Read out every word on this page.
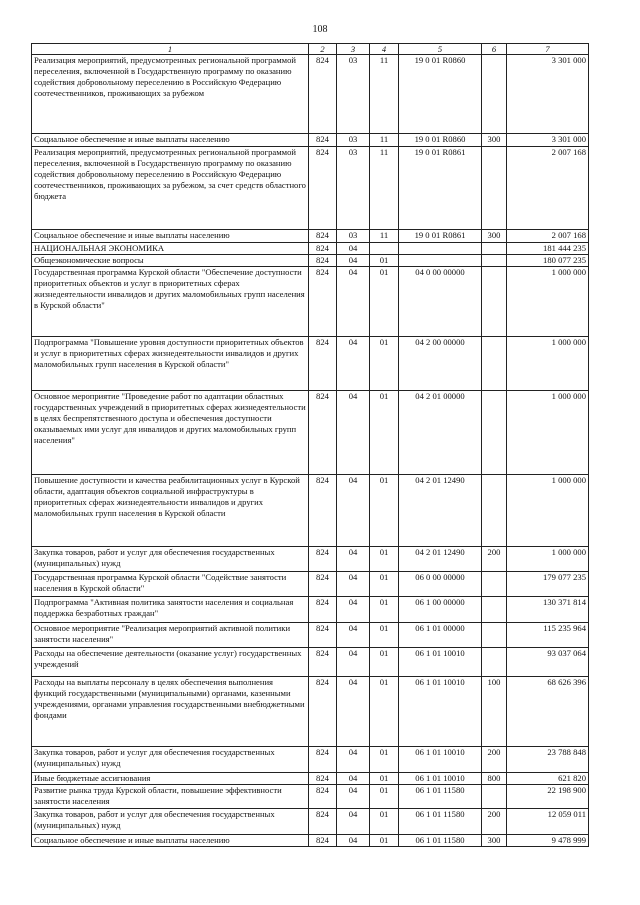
108
1	2	3	4	5	6	7
Реализация мероприятий, предусмотренных региональной программой переселения, включенной в Государственную программу по оказанию содействия добровольному переселению в Российскую Федерацию соотечественников, проживающих за рубежом	824	03	11	19 0 01 R0860		3 301 000
Социальное обеспечение и иные выплаты населению	824	03	11	19 0 01 R0860	300	3 301 000
Реализация мероприятий, предусмотренных региональной программой переселения, включенной в Государственную программу по оказанию содействия добровольному переселению в Российскую Федерацию соотечественников, проживающих за рубежом, за счет средств областного бюджета	824	03	11	19 0 01 R0861		2 007 168
Социальное обеспечение и иные выплаты населению	824	03	11	19 0 01 R0861	300	2 007 168
НАЦИОНАЛЬНАЯ ЭКОНОМИКА	824	04				181 444 235
Общеэкономические вопросы	824	04	01			180 077 235
Государственная программа Курской области "Обеспечение доступности приоритетных объектов и услуг в приоритетных сферах жизнедеятельности инвалидов и других маломобильных групп населения в Курской области"	824	04	01	04 0 00 00000		1 000 000
Подпрограмма "Повышение уровня доступности приоритетных объектов и услуг в приоритетных сферах жизнедеятельности инвалидов и других маломобильных групп населения в Курской области"	824	04	01	04 2 00 00000		1 000 000
Основное мероприятие "Проведение работ по адаптации областных государственных учреждений в приоритетных сферах жизнедеятельности в целях беспрепятственного доступа и обеспечения доступности оказываемых ими услуг для инвалидов и других маломобильных групп населения"	824	04	01	04 2 01 00000		1 000 000
Повышение доступности и качества реабилитационных услуг в Курской области, адаптация объектов социальной инфраструктуры в приоритетных сферах жизнедеятельности инвалидов и других маломобильных групп населения в Курской области	824	04	01	04 2 01 12490		1 000 000
Закупка товаров, работ и услуг для обеспечения государственных (муниципальных) нужд	824	04	01	04 2 01 12490	200	1 000 000
Государственная программа Курской области "Содействие занятости населения в Курской области"	824	04	01	06 0 00 00000		179 077 235
Подпрограмма "Активная политика занятости населения и социальная поддержка безработных граждан"	824	04	01	06 1 00 00000		130 371 814
Основное мероприятие "Реализация мероприятий активной политики занятости населения"	824	04	01	06 1 01 00000		115 235 964
Расходы на обеспечение деятельности (оказание услуг) государственных учреждений	824	04	01	06 1 01 10010		93 037 064
Расходы на выплаты персоналу в целях обеспечения выполнения функций государственными (муниципальными) органами, казенными учреждениями, органами управления государственными внебюджетными фондами	824	04	01	06 1 01 10010	100	68 626 396
Закупка товаров, работ и услуг для обеспечения государственных (муниципальных) нужд	824	04	01	06 1 01 10010	200	23 788 848
Иные бюджетные ассигнования	824	04	01	06 1 01 10010	800	621 820
Развитие рынка труда Курской области, повышение эффективности занятости населения	824	04	01	06 1 01 11580		22 198 900
Закупка товаров, работ и услуг для обеспечения государственных (муниципальных) нужд	824	04	01	06 1 01 11580	200	12 059 011
Социальное обеспечение и иные выплаты населению	824	04	01	06 1 01 11580	300	9 478 999
